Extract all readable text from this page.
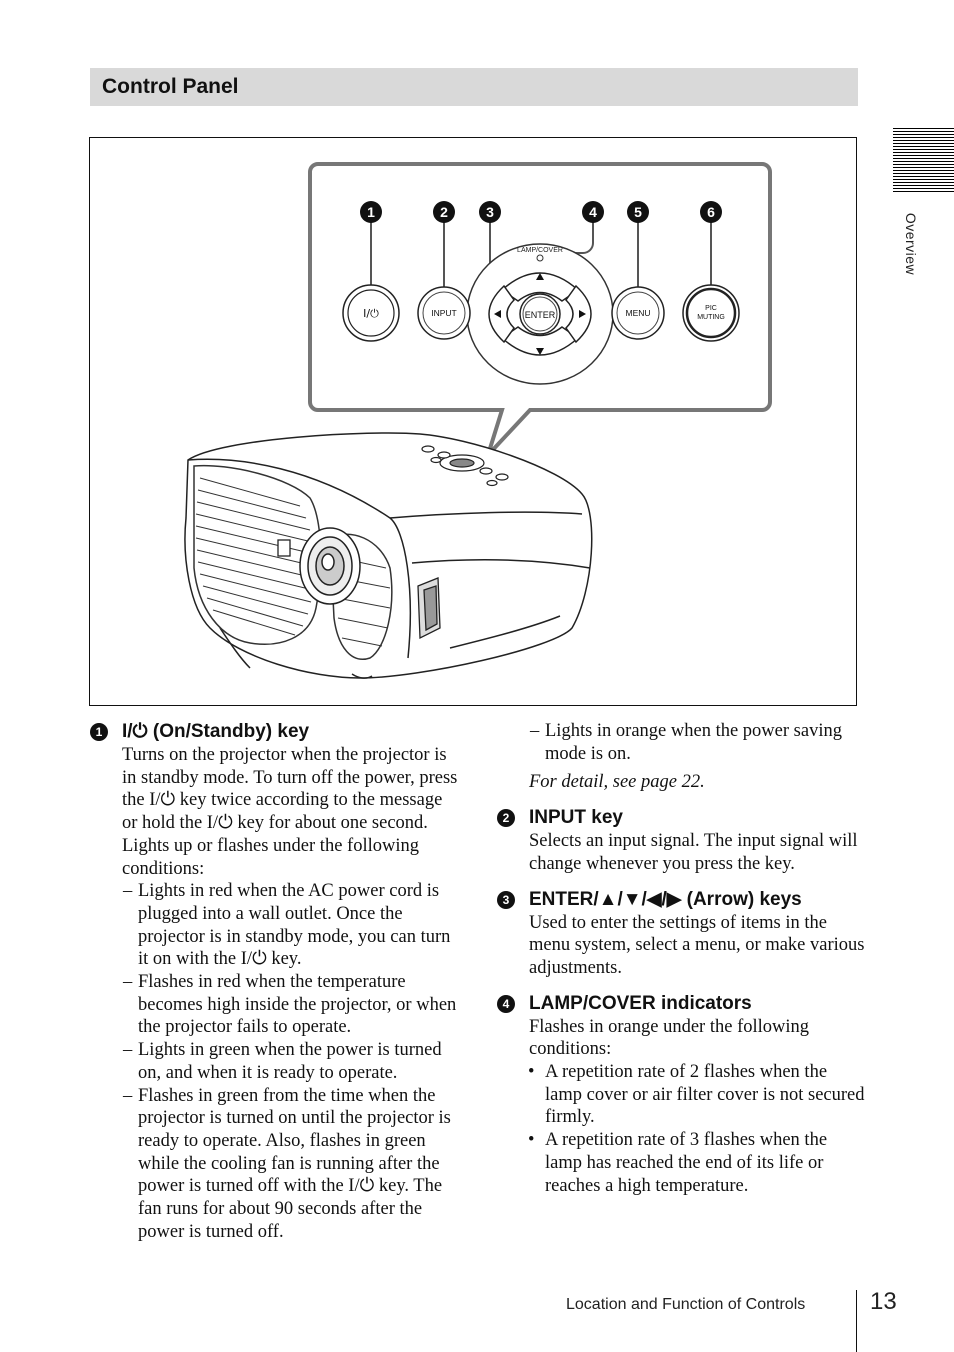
Control Panel
Overview
1	2	3	4	5	6
LAMP/COVER
ENTER
I/⏻	INPUT	MENU	PIC
MUTING
1 I/⏻ (On/Standby) key
Turns on the projector when the projector is in standby mode. To turn off the power, press the I/⏻ key twice according to the message or hold the I/⏻ key for about one second.
Lights up or flashes under the following conditions:
– Lights in red when the AC power cord is plugged into a wall outlet. Once the projector is in standby mode, you can turn it on with the I/⏻ key.
– Flashes in red when the temperature becomes high inside the projector, or when the projector fails to operate.
– Lights in green when the power is turned on, and when it is ready to operate.
– Flashes in green from the time when the projector is turned on until the projector is ready to operate. Also, flashes in green while the cooling fan is running after the power is turned off with the I/⏻ key. The fan runs for about 90 seconds after the power is turned off.
– Lights in orange when the power saving mode is on.
For detail, see page 22.
2 INPUT key
Selects an input signal. The input signal will change whenever you press the key.
3 ENTER/▲/▼/◀/▶ (Arrow) keys
Used to enter the settings of items in the menu system, select a menu, or make various adjustments.
4 LAMP/COVER indicators
Flashes in orange under the following conditions:
• A repetition rate of 2 flashes when the lamp cover or air filter cover is not secured firmly.
• A repetition rate of 3 flashes when the lamp has reached the end of its life or reaches a high temperature.
Location and Function of Controls	13
